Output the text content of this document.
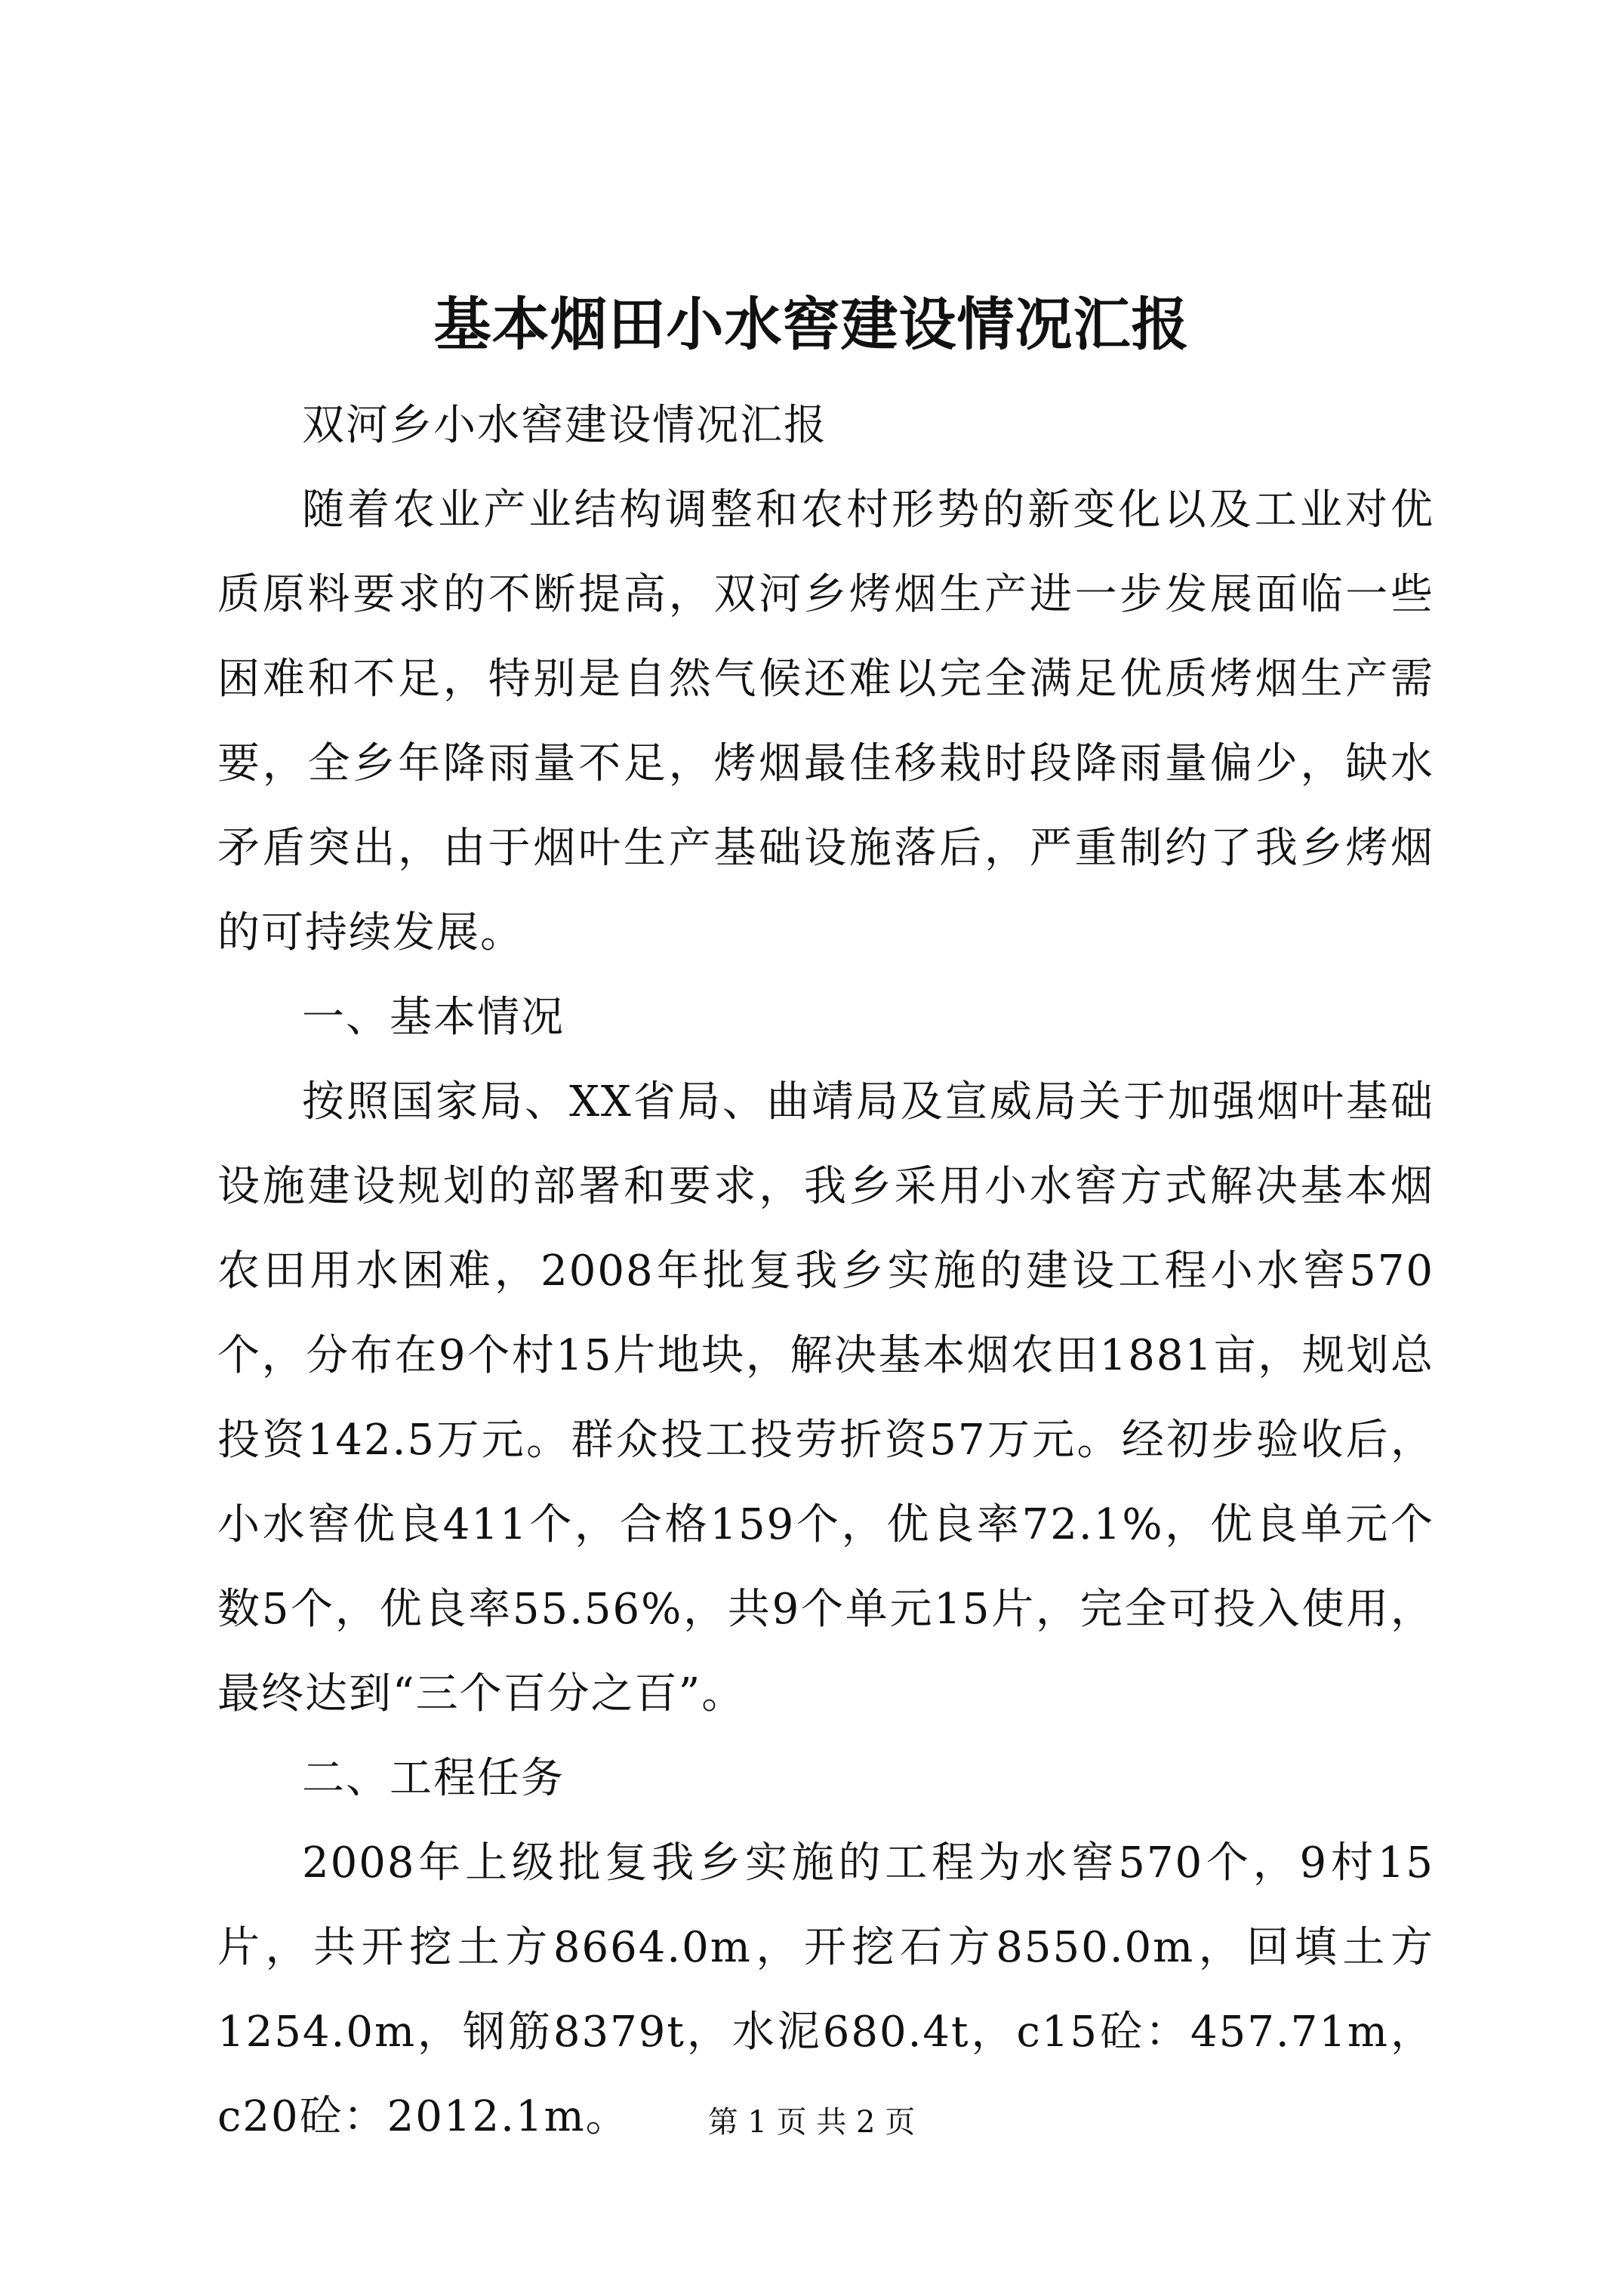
基本烟田小水窖建设情况汇报

双河乡小水窖建设情况汇报

随着农业产业结构调整和农村形势的新变化以及工业对优质原料要求的不断提高，双河乡烤烟生产进一步发展面临一些困难和不足，特别是自然气候还难以完全满足优质烤烟生产需要，全乡年降雨量不足，烤烟最佳移栽时段降雨量偏少，缺水矛盾突出，由于烟叶生产基础设施落后，严重制约了我乡烤烟的可持续发展。

一、基本情况

按照国家局、XX省局、曲靖局及宣威局关于加强烟叶基础设施建设规划的部署和要求，我乡采用小水窖方式解决基本烟农田用水困难，2008年批复我乡实施的建设工程小水窖570个，分布在9个村15片地块，解决基本烟农田1881亩，规划总投资142.5万元。群众投工投劳折资57万元。经初步验收后，小水窖优良411个，合格159个，优良率72.1%，优良单元个数5个，优良率55.56%，共9个单元15片，完全可投入使用，最终达到“三个百分之百”。

二、工程任务

2008年上级批复我乡实施的工程为水窖570个，9村15片，共开挖土方8664.0m，开挖石方8550.0m，回填土方1254.0m，钢筋8379t，水泥680.4t，c15砼：457.71m，c20砼：2012.1m。	第 1 页 共 2 页
